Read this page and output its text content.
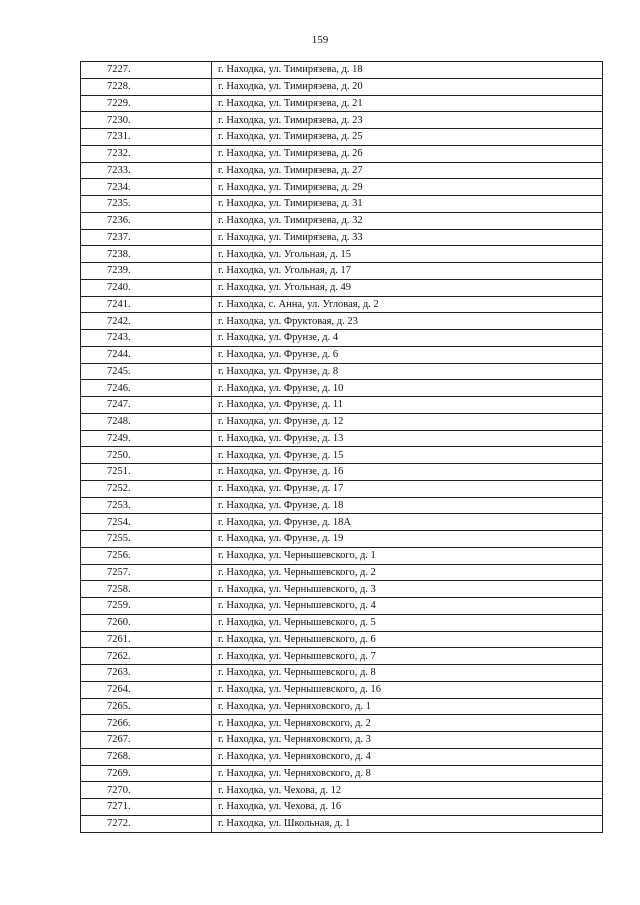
159
7227.	г. Находка, ул. Тимирязева, д. 18
7228.	г. Находка, ул. Тимирязева, д. 20
7229.	г. Находка, ул. Тимирязева, д. 21
7230.	г. Находка, ул. Тимирязева, д. 23
7231.	г. Находка, ул. Тимирязева, д. 25
7232.	г. Находка, ул. Тимирязева, д. 26
7233.	г. Находка, ул. Тимирязева, д. 27
7234.	г. Находка, ул. Тимирязева, д. 29
7235.	г. Находка, ул. Тимирязева, д. 31
7236.	г. Находка, ул. Тимирязева, д. 32
7237.	г. Находка, ул. Тимирязева, д. 33
7238.	г. Находка, ул. Угольная, д. 15
7239.	г. Находка, ул. Угольная, д. 17
7240.	г. Находка, ул. Угольная, д. 49
7241.	г. Находка, с. Анна, ул. Угловая, д. 2
7242.	г. Находка, ул. Фруктовая, д. 23
7243.	г. Находка, ул. Фрунзе, д. 4
7244.	г. Находка, ул. Фрунзе, д. 6
7245.	г. Находка, ул. Фрунзе, д. 8
7246.	г. Находка, ул. Фрунзе, д. 10
7247.	г. Находка, ул. Фрунзе, д. 11
7248.	г. Находка, ул. Фрунзе, д. 12
7249.	г. Находка, ул. Фрунзе, д. 13
7250.	г. Находка, ул. Фрунзе, д. 15
7251.	г. Находка, ул. Фрунзе, д. 16
7252.	г. Находка, ул. Фрунзе, д. 17
7253.	г. Находка, ул. Фрунзе, д. 18
7254.	г. Находка, ул. Фрунзе, д. 18А
7255.	г. Находка, ул. Фрунзе, д. 19
7256.	г. Находка, ул. Чернышевского, д. 1
7257.	г. Находка, ул. Чернышевского, д. 2
7258.	г. Находка, ул. Чернышевского, д. 3
7259.	г. Находка, ул. Чернышевского, д. 4
7260.	г. Находка, ул. Чернышевского, д. 5
7261.	г. Находка, ул. Чернышевского, д. 6
7262.	г. Находка, ул. Чернышевского, д. 7
7263.	г. Находка, ул. Чернышевского, д. 8
7264.	г. Находка, ул. Чернышевского, д. 16
7265.	г. Находка, ул. Черняховского, д. 1
7266.	г. Находка, ул. Черняховского, д. 2
7267.	г. Находка, ул. Черняховского, д. 3
7268.	г. Находка, ул. Черняховского, д. 4
7269.	г. Находка, ул. Черняховского, д. 8
7270.	г. Находка, ул. Чехова, д. 12
7271.	г. Находка, ул. Чехова, д. 16
7272.	г. Находка, ул. Школьная, д. 1
